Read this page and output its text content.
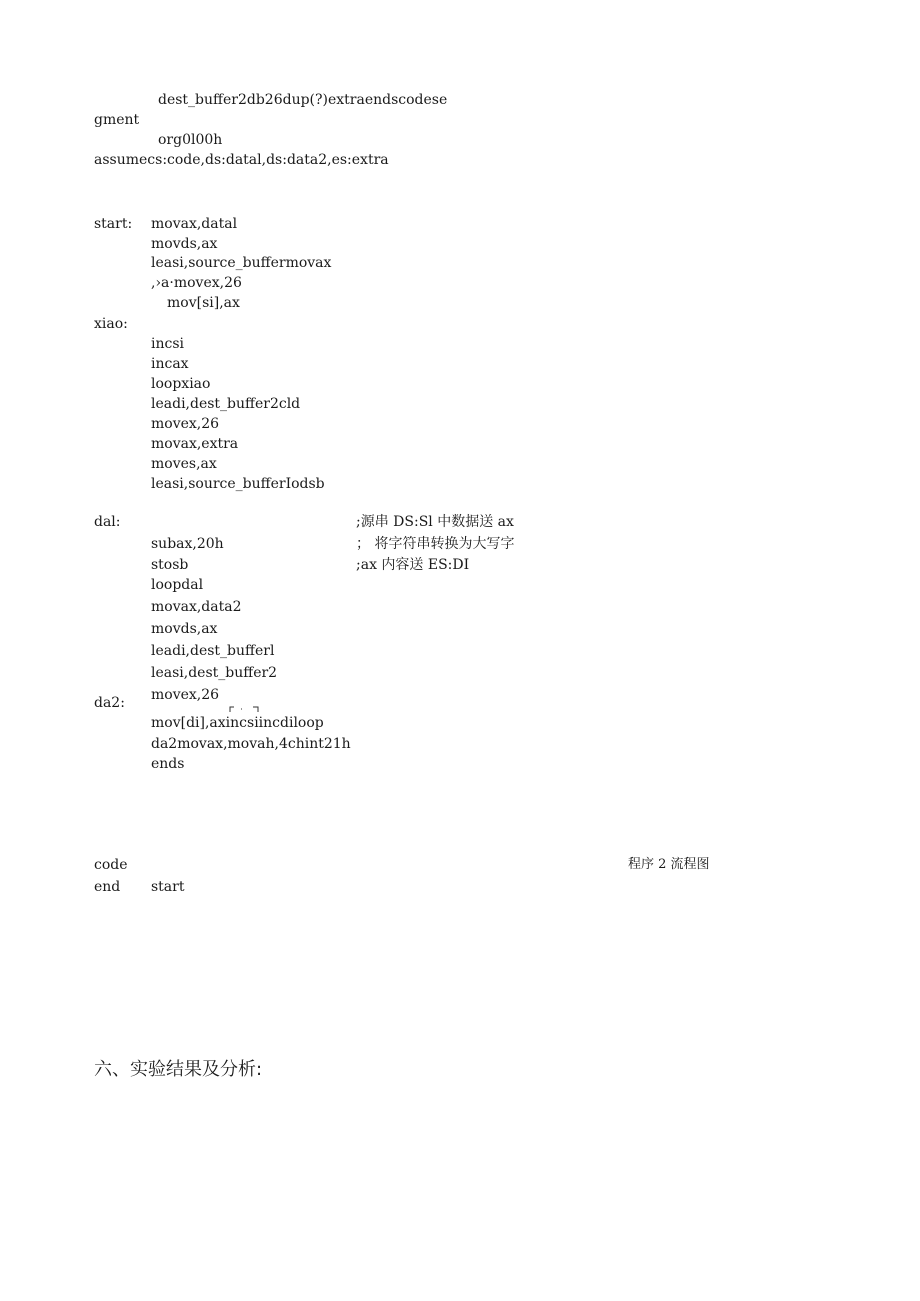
dest_buffer2db26dup(?)extraendscodese
gment
org0l00h
assumecs:code,ds:datal,ds:data2,es:extra
start: movax,datal
movds,ax
leasi,source_buffermovax
,›a·movex,26
mov[si],ax
xiao:
incsi
incax
loopxiao
leadi,dest_buffer2cld
movex,26
movax,extra
moves,ax
leasi,source_bufferIodsb
dal:	;源串 DS:Sl 中数据送 ax
subax,20h	； 将字符串转换为大写字
stosb	;ax 内容送 ES:DI
loopdal
movax,data2
movds,ax
leadi,dest_bufferl
leasi,dest_buffer2
movex,26
da2:
mov[di],axincsiincdiloop
da2movax,movah,4chint21h
ends
code	程序 2 流程图
end start
六、实验结果及分析:
